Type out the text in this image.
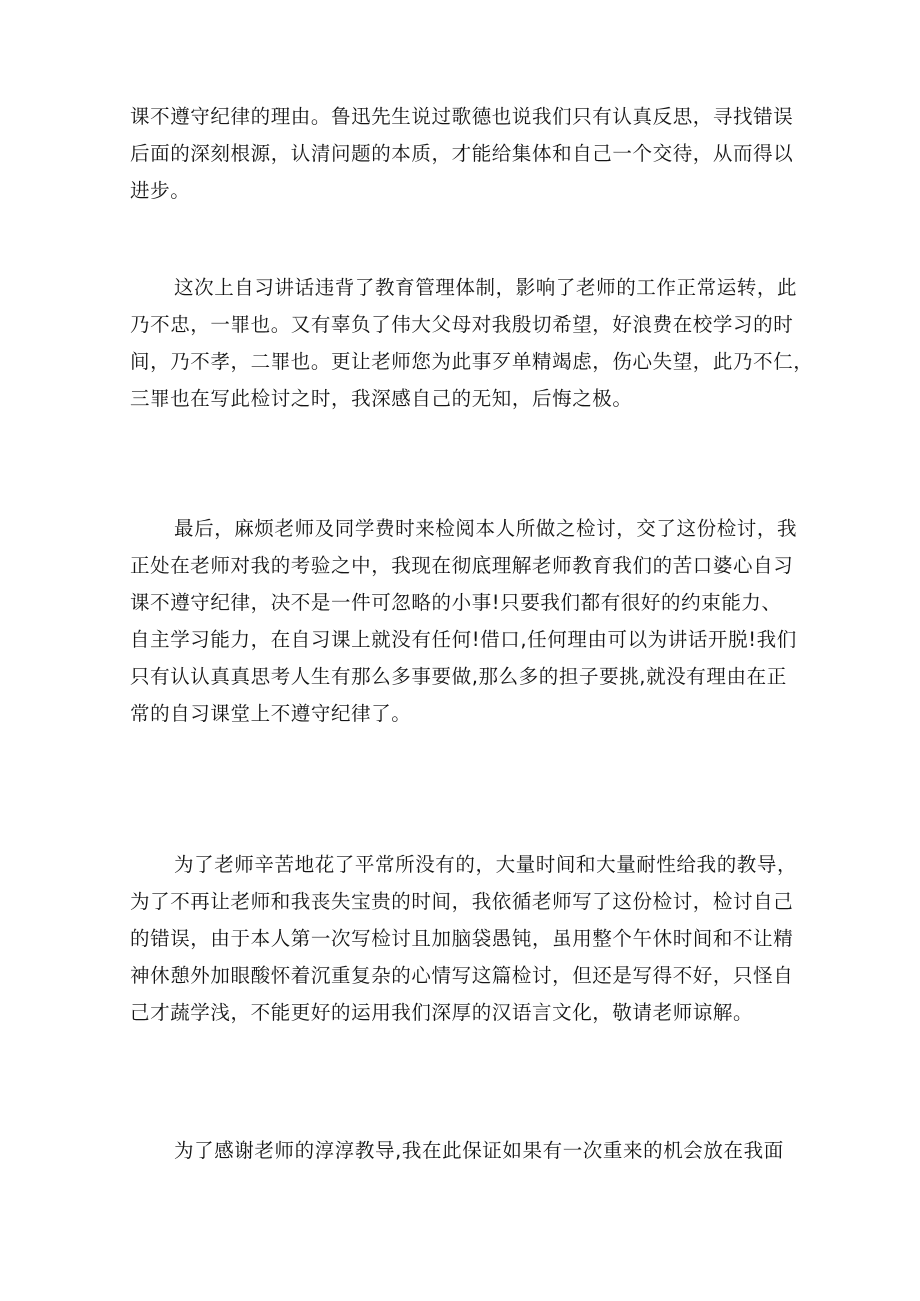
课不遵守纪律的理由。鲁迅先生说过歌德也说我们只有认真反思，寻找错误
后面的深刻根源，认清问题的本质，才能给集体和自己一个交待，从而得以
进步。
这次上自习讲话违背了教育管理体制，影响了老师的工作正常运转，此
乃不忠，一罪也。又有辜负了伟大父母对我殷切希望，好浪费在校学习的时
间，乃不孝，二罪也。更让老师您为此事歹单精竭虑，伤心失望，此乃不仁，
三罪也在写此检讨之时，我深感自己的无知，后悔之极。
最后，麻烦老师及同学费时来检阅本人所做之检讨，交了这份检讨，我
正处在老师对我的考验之中，我现在彻底理解老师教育我们的苦口婆心自习
课不遵守纪律，决不是一件可忽略的小事!只要我们都有很好的约束能力、
自主学习能力，在自习课上就没有任何!借口,任何理由可以为讲话开脱!我们
只有认认真真思考人生有那么多事要做,那么多的担子要挑,就没有理由在正
常的自习课堂上不遵守纪律了。
为了老师辛苦地花了平常所没有的，大量时间和大量耐性给我的教导，
为了不再让老师和我丧失宝贵的时间，我依循老师写了这份检讨，检讨自己
的错误，由于本人第一次写检讨且加脑袋愚钝，虽用整个午休时间和不让精
神休憩外加眼酸怀着沉重复杂的心情写这篇检讨，但还是写得不好，只怪自
己才蔬学浅，不能更好的运用我们深厚的汉语言文化，敬请老师谅解。
为了感谢老师的淳淳教导,我在此保证如果有一次重来的机会放在我面
